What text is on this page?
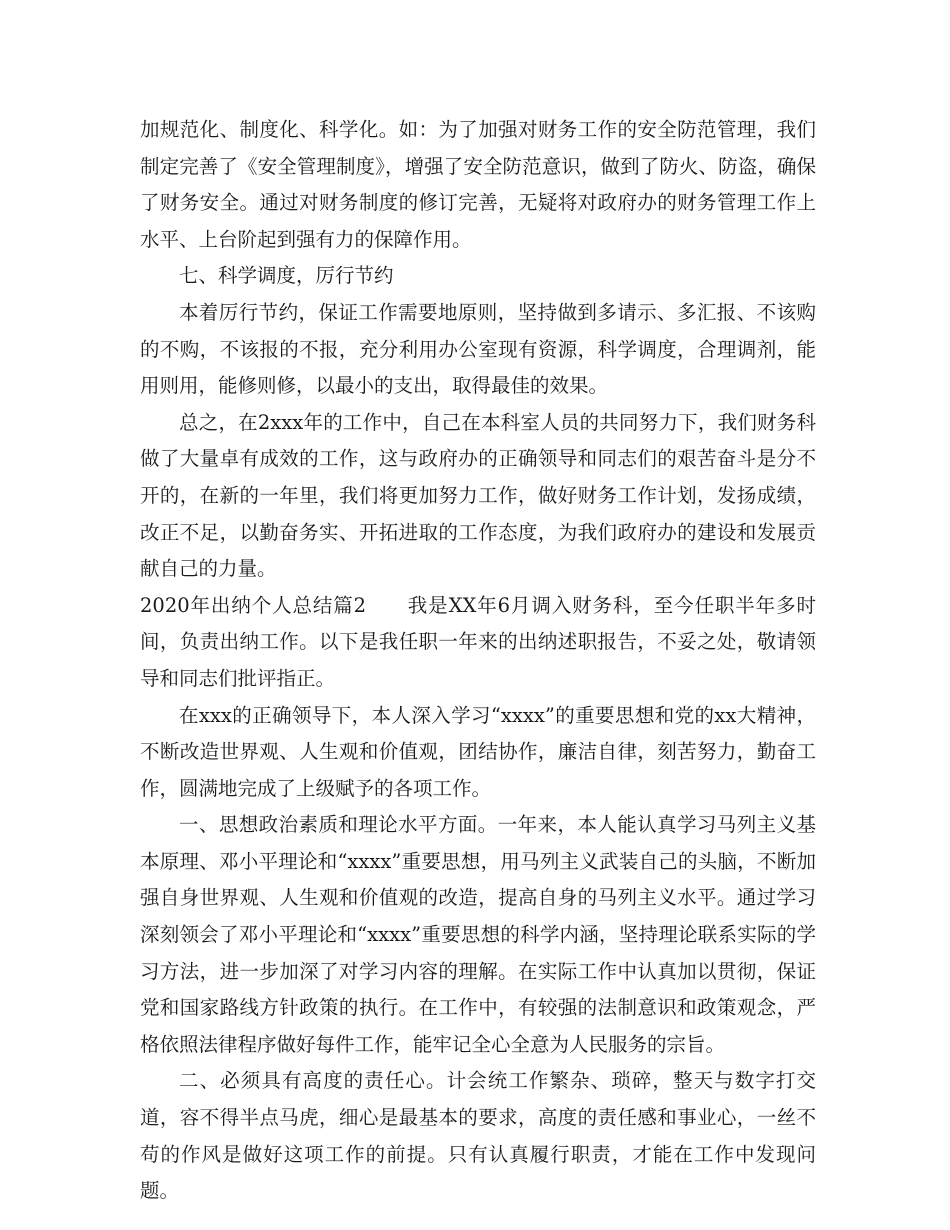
加规范化、制度化、科学化。如：为了加强对财务工作的安全防范管理，我们制定完善了《安全管理制度》，增强了安全防范意识，做到了防火、防盗，确保了财务安全。通过对财务制度的修订完善，无疑将对政府办的财务管理工作上水平、上台阶起到强有力的保障作用。

七、科学调度，厉行节约

本着厉行节约，保证工作需要地原则，坚持做到多请示、多汇报、不该购的不购，不该报的不报，充分利用办公室现有资源，科学调度，合理调剂，能用则用，能修则修，以最小的支出，取得最佳的效果。

总之，在2xxx年的工作中，自己在本科室人员的共同努力下，我们财务科做了大量卓有成效的工作，这与政府办的正确领导和同志们的艰苦奋斗是分不开的，在新的一年里，我们将更加努力工作，做好财务工作计划，发扬成绩，改正不足，以勤奋务实、开拓进取的工作态度，为我们政府办的建设和发展贡献自己的力量。

2020年出纳个人总结篇2　　 我是XX年6月调入财务科，至今任职半年多时间，负责出纳工作。以下是我任职一年来的出纳述职报告，不妥之处，敬请领导和同志们批评指正。

在xxx的正确领导下，本人深入学习“xxxx”的重要思想和党的xx大精神，不断改造世界观、人生观和价值观，团结协作，廉洁自律，刻苦努力，勤奋工作，圆满地完成了上级赋予的各项工作。

一、思想政治素质和理论水平方面。一年来，本人能认真学习马列主义基本原理、邓小平理论和“xxxx”重要思想，用马列主义武装自己的头脑，不断加强自身世界观、人生观和价值观的改造，提高自身的马列主义水平。通过学习深刻领会了邓小平理论和“xxxx”重要思想的科学内涵，坚持理论联系实际的学习方法，进一步加深了对学习内容的理解。在实际工作中认真加以贯彻，保证党和国家路线方针政策的执行。在工作中，有较强的法制意识和政策观念，严格依照法律程序做好每件工作，能牢记全心全意为人民服务的宗旨。

二、必须具有高度的责任心。计会统工作繁杂、琐碎，整天与数字打交道，容不得半点马虎，细心是最基本的要求，高度的责任感和事业心，一丝不苟的作风是做好这项工作的前提。只有认真履行职责，才能在工作中发现问题。
